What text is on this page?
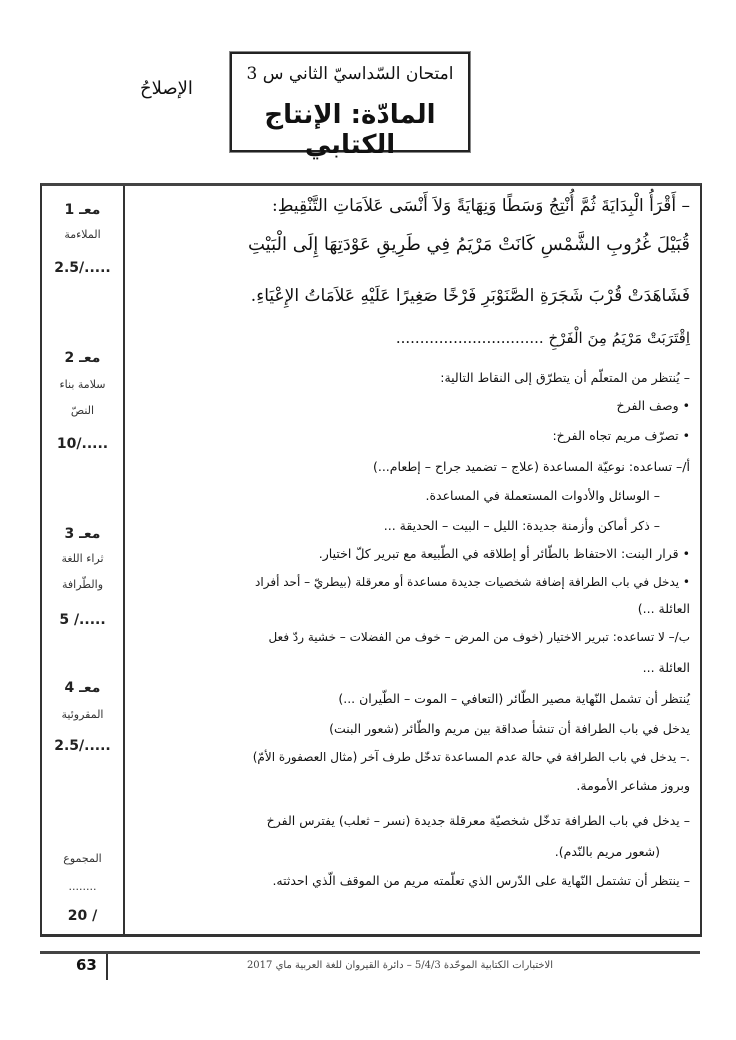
الإصلاحُ
امتحان السّداسيّ الثاني س 3
المادّة: الإنتاج الكتابي
معـ 1
الملاءمة
2.5/.....
معـ 2
سلامة بناء
النصّ
10/.....
معـ 3
ثراء اللغة
والطّرافة
5 /.....
معـ 4
المقروئية
2.5/.....
المجموع
........
20 /
– أَقْرَأُ الْبِدَايَةَ ثُمَّ أُنْتِجُ وَسَطًا وَنِهَايَةً وَلاَ أَنْسَى عَلاَمَاتِ التَّنْقِيطِ:
قُبَيْلَ غُرُوبِ الشَّمْسِ كَانَتْ مَرْيَمُ فِي طَرِيقِ عَوْدَتِهَا إِلَى الْبَيْتِ
فَشَاهَدَتْ قُرْبَ شَجَرَةِ الصَّنَوْبَرِ فَرْخًا صَغِيرًا عَلَيْهِ عَلاَمَاتُ الإِعْيَاءِ.
اِقْتَرَبَتْ مَرْيَمُ مِنَ الْفَرْخِ ...............................
– يُنتظر من المتعلّم أن يتطرّق إلى النقاط التالية:
• وصف الفرخ
• تصرّف مريم تجاه الفرخ:
أ/– تساعده: نوعيّة المساعدة (علاج – تضميد جراح – إطعام...)
– الوسائل والأدوات المستعملة في المساعدة.
– ذكر أماكن وأزمنة جديدة: الليل – البيت – الحديقة ...
• قرار البنت: الاحتفاظ بالطّائر أو إطلاقه في الطّبيعة مع تبرير كلّ اختيار.
• يدخل في باب الطرافة إضافة شخصيات جديدة مساعدة أو معرقلة (بيطريّ – أحد أفراد
العائلة ...)
ب/– لا تساعده: تبرير الاختيار (خوف من المرض – خوف من الفضلات – خشية ردّ فعل
العائلة ...
يُنتظر أن تشمل النّهاية مصير الطّائر (التعافي – الموت – الطّيران ...)
يدخل في باب الطرافة أن تنشأ صداقة بين مريم والطّائر (شعور البنت)
.– يدخل في باب الطرافة في حالة عدم المساعدة تدخّل طرف آخر (مثال العصفورة الأمّ)
وبروز مشاعر الأمومة.
– يدخل في باب الطرافة تدخّل شخصيّة معرقلة جديدة (نسر – ثعلب) يفترس الفرخ
(شعور مريم بالنّدم).
– ينتظر أن تشتمل النّهاية على الدّرس الذي تعلّمته مريم من الموقف الّذي احدثته.
63	الاختبارات الكتابية الموحّدة 5/4/3 – دائرة القيروان للغة العربية ماي 2017
